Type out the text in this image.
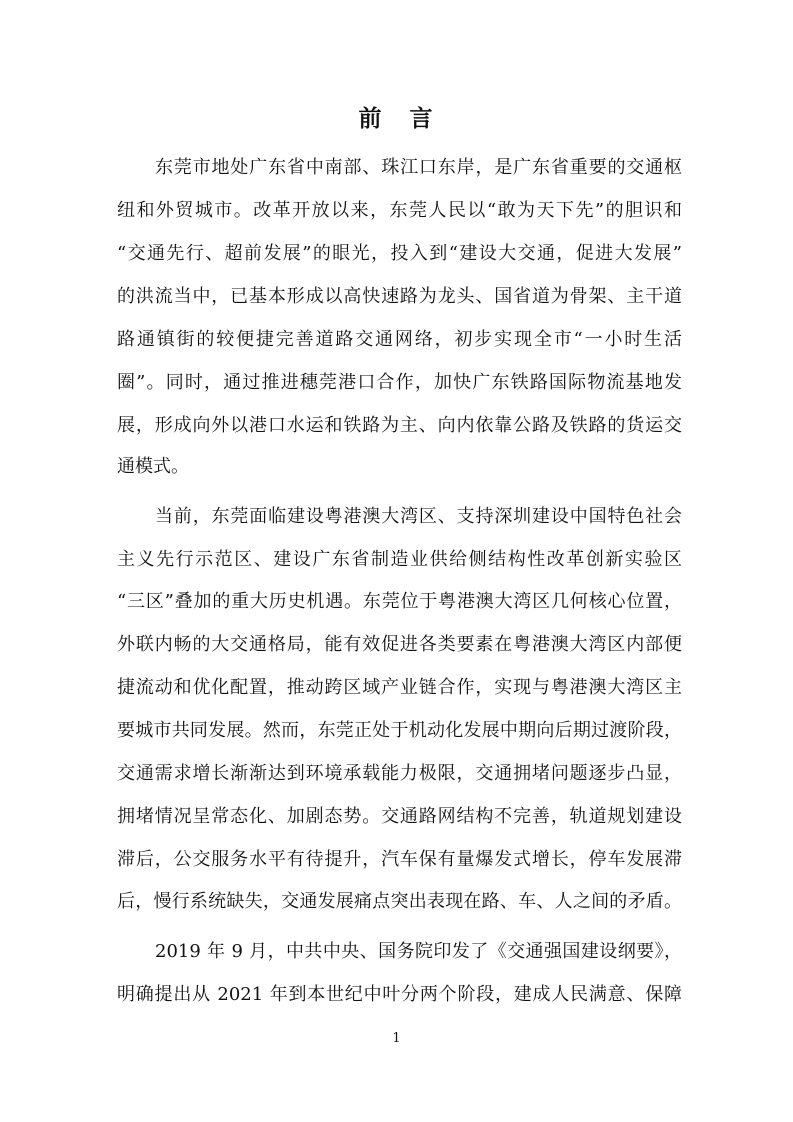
前 言
东莞市地处广东省中南部、珠江口东岸，是广东省重要的交通枢
纽和外贸城市。改革开放以来，东莞人民以“敢为天下先”的胆识和
“交通先行、超前发展”的眼光，投入到“建设大交通，促进大发展”
的洪流当中，已基本形成以高快速路为龙头、国省道为骨架、主干道
路通镇街的较便捷完善道路交通网络，初步实现全市“一小时生活
圈”。同时，通过推进穗莞港口合作，加快广东铁路国际物流基地发
展，形成向外以港口水运和铁路为主、向内依靠公路及铁路的货运交
通模式。
当前，东莞面临建设粤港澳大湾区、支持深圳建设中国特色社会
主义先行示范区、建设广东省制造业供给侧结构性改革创新实验区
“三区”叠加的重大历史机遇。东莞位于粤港澳大湾区几何核心位置，
外联内畅的大交通格局，能有效促进各类要素在粤港澳大湾区内部便
捷流动和优化配置，推动跨区域产业链合作，实现与粤港澳大湾区主
要城市共同发展。然而，东莞正处于机动化发展中期向后期过渡阶段，
交通需求增长渐渐达到环境承载能力极限，交通拥堵问题逐步凸显，
拥堵情况呈常态化、加剧态势。交通路网结构不完善，轨道规划建设
滞后，公交服务水平有待提升，汽车保有量爆发式增长，停车发展滞
后，慢行系统缺失，交通发展痛点突出表现在路、车、人之间的矛盾。
2019 年 9 月，中共中央、国务院印发了《交通强国建设纲要》，
明确提出从 2021 年到本世纪中叶分两个阶段，建成人民满意、保障
1
